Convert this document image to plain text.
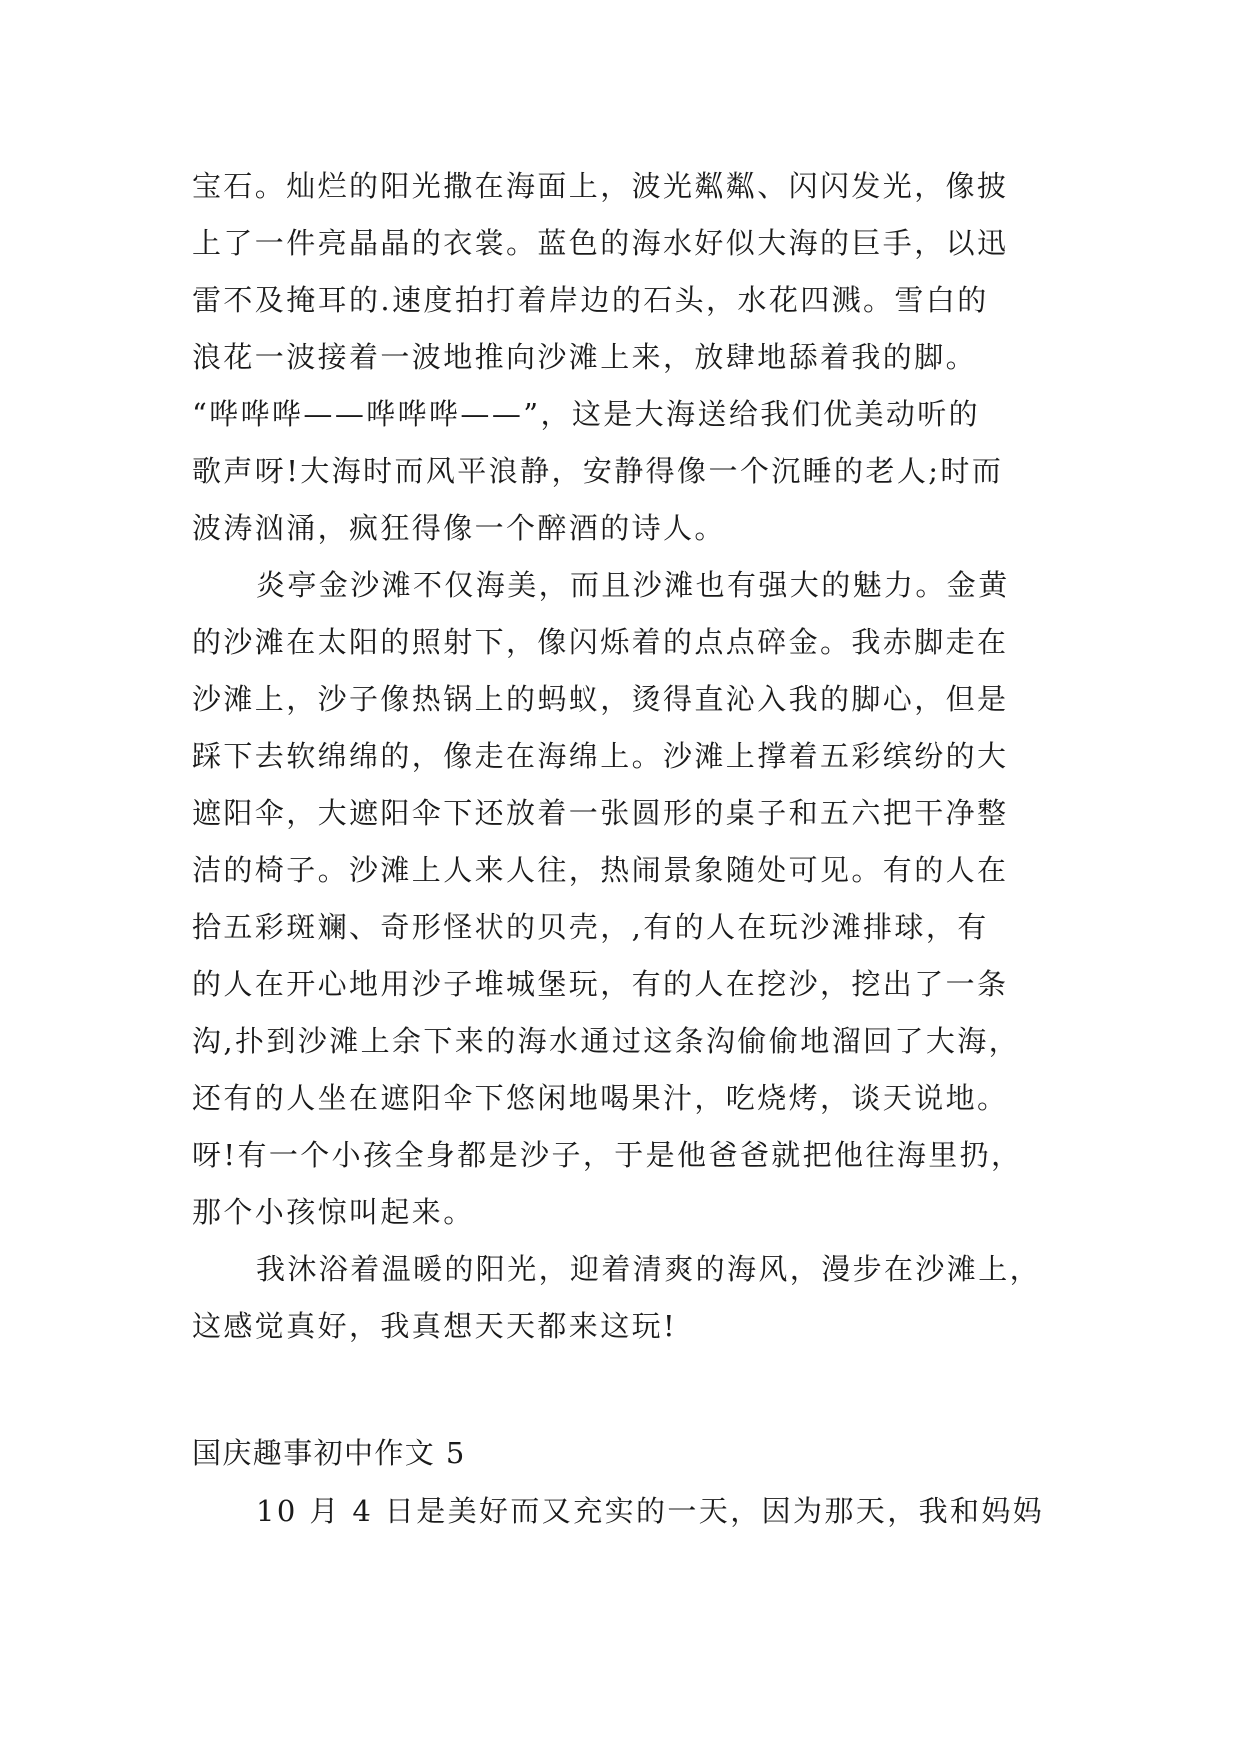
宝石。灿烂的阳光撒在海面上，波光粼粼、闪闪发光，像披
上了一件亮晶晶的衣裳。蓝色的海水好似大海的巨手，以迅
雷不及掩耳的.速度拍打着岸边的石头，水花四溅。雪白的
浪花一波接着一波地推向沙滩上来，放肆地舔着我的脚。
“哗哗哗——哗哗哗——”，这是大海送给我们优美动听的
歌声呀!大海时而风平浪静，安静得像一个沉睡的老人;时而
波涛汹涌，疯狂得像一个醉酒的诗人。
炎亭金沙滩不仅海美，而且沙滩也有强大的魅力。金黄
的沙滩在太阳的照射下，像闪烁着的点点碎金。我赤脚走在
沙滩上，沙子像热锅上的蚂蚁，烫得直沁入我的脚心，但是
踩下去软绵绵的，像走在海绵上。沙滩上撑着五彩缤纷的大
遮阳伞，大遮阳伞下还放着一张圆形的桌子和五六把干净整
洁的椅子。沙滩上人来人往，热闹景象随处可见。有的人在
拾五彩斑斓、奇形怪状的贝壳，,有的人在玩沙滩排球，有
的人在开心地用沙子堆城堡玩，有的人在挖沙，挖出了一条
沟,扑到沙滩上余下来的海水通过这条沟偷偷地溜回了大海，
还有的人坐在遮阳伞下悠闲地喝果汁，吃烧烤，谈天说地。
呀!有一个小孩全身都是沙子，于是他爸爸就把他往海里扔，
那个小孩惊叫起来。
我沐浴着温暖的阳光，迎着清爽的海风，漫步在沙滩上，
这感觉真好，我真想天天都来这玩!
国庆趣事初中作文 5
10 月 4 日是美好而又充实的一天，因为那天，我和妈妈
